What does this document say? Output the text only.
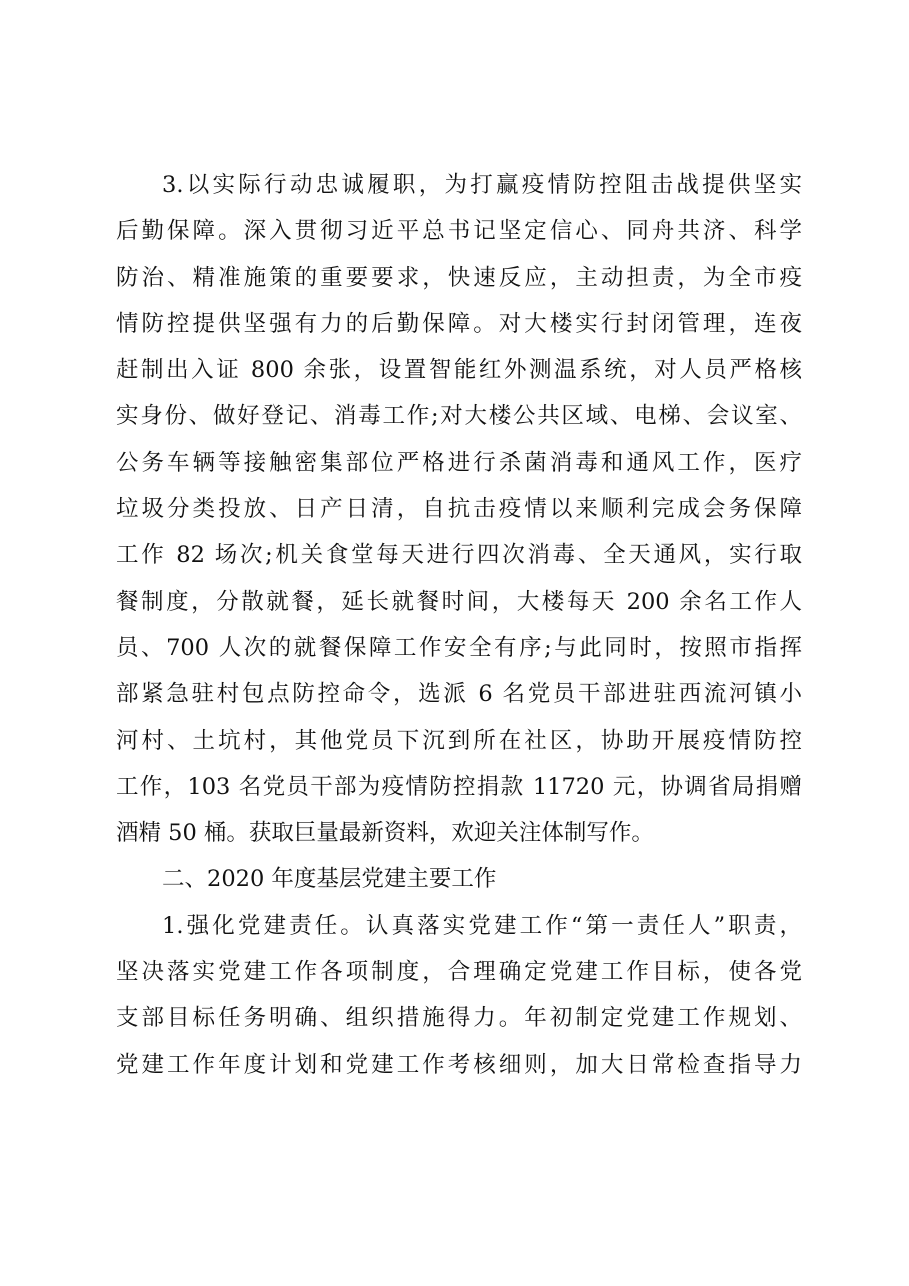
3.以实际行动忠诚履职，为打赢疫情防控阻击战提供坚实
后勤保障。深入贯彻习近平总书记坚定信心、同舟共济、科学
防治、精准施策的重要要求，快速反应，主动担责，为全市疫
情防控提供坚强有力的后勤保障。对大楼实行封闭管理，连夜
赶制出入证 800 余张，设置智能红外测温系统，对人员严格核
实身份、做好登记、消毒工作;对大楼公共区域、电梯、会议室、
公务车辆等接触密集部位严格进行杀菌消毒和通风工作，医疗
垃圾分类投放、日产日清，自抗击疫情以来顺利完成会务保障
工作 82 场次;机关食堂每天进行四次消毒、全天通风，实行取
餐制度，分散就餐，延长就餐时间，大楼每天 200 余名工作人
员、700 人次的就餐保障工作安全有序;与此同时，按照市指挥
部紧急驻村包点防控命令，选派 6 名党员干部进驻西流河镇小
河村、土坑村，其他党员下沉到所在社区，协助开展疫情防控
工作，103 名党员干部为疫情防控捐款 11720 元，协调省局捐赠
酒精 50 桶。获取巨量最新资料，欢迎关注体制写作。
二、2020 年度基层党建主要工作
1.强化党建责任。认真落实党建工作“第一责任人”职责，
坚决落实党建工作各项制度，合理确定党建工作目标，使各党
支部目标任务明确、组织措施得力。年初制定党建工作规划、
党建工作年度计划和党建工作考核细则，加大日常检查指导力
